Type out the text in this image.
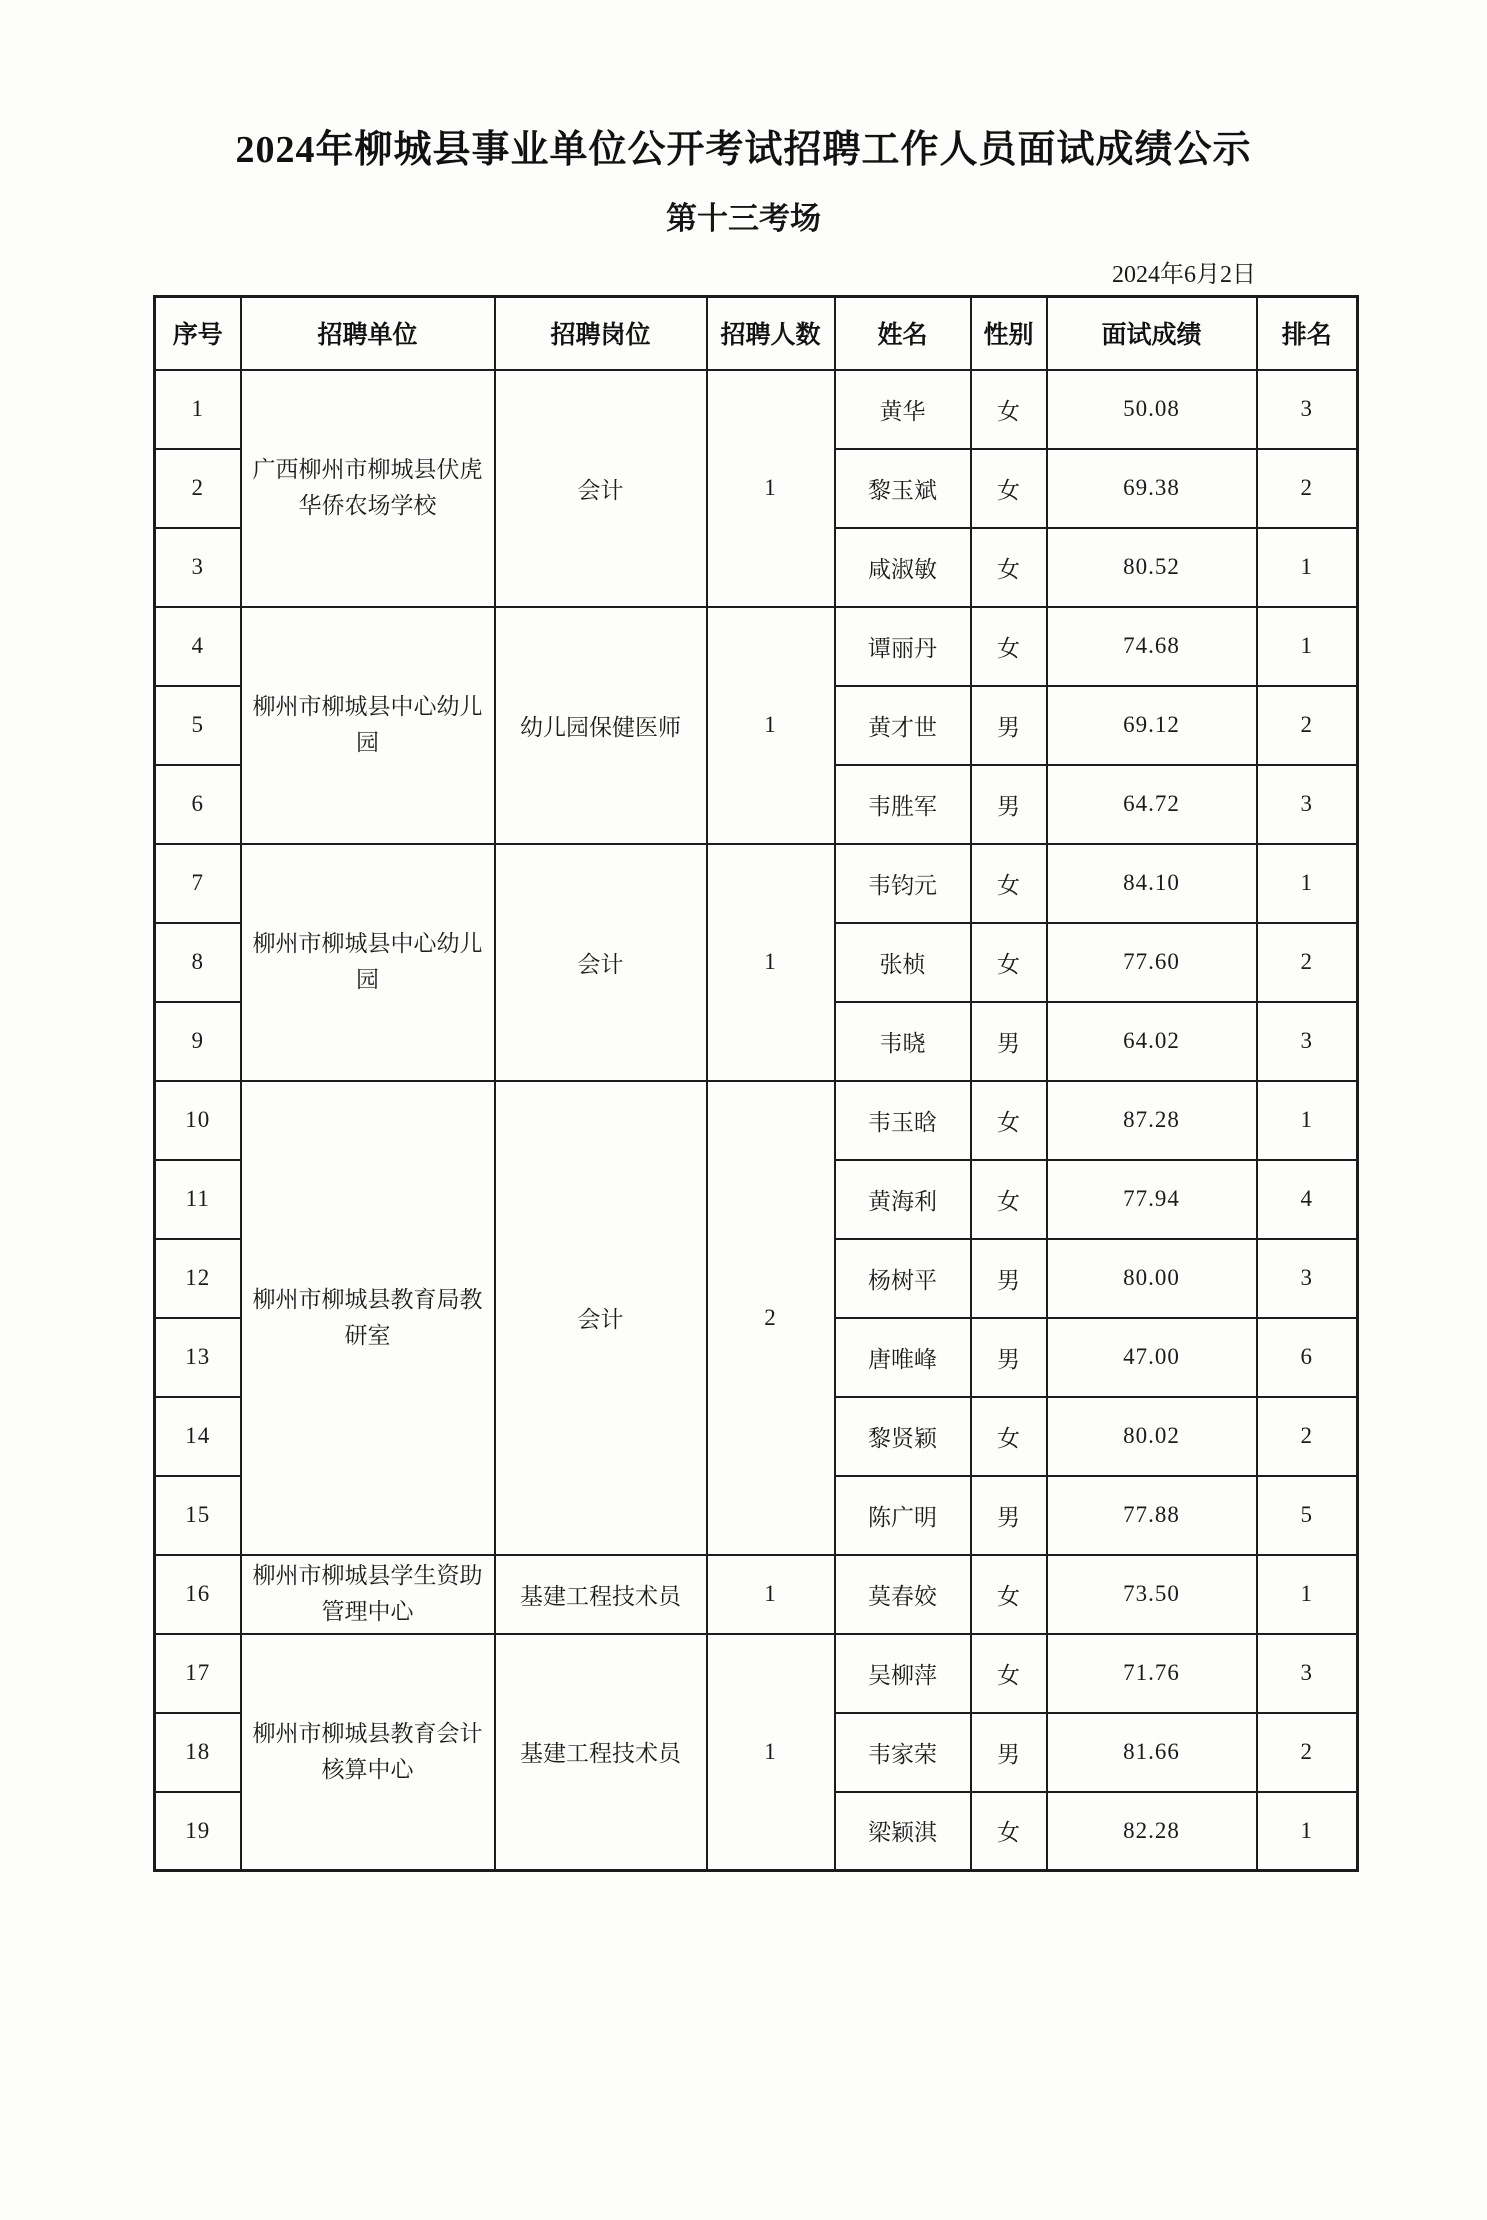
2024年柳城县事业单位公开考试招聘工作人员面试成绩公示
第十三考场
2024年6月2日
序号	招聘单位	招聘岗位	招聘人数	姓名	性别	面试成绩	排名
1	广西柳州市柳城县伏虎华侨农场学校	会计	1	黄华	女	50.08	3
2				黎玉斌	女	69.38	2
3				咸淑敏	女	80.52	1
4	柳州市柳城县中心幼儿园	幼儿园保健医师	1	谭丽丹	女	74.68	1
5				黄才世	男	69.12	2
6				韦胜军	男	64.72	3
7	柳州市柳城县中心幼儿园	会计	1	韦钧元	女	84.10	1
8				张桢	女	77.60	2
9				韦晓	男	64.02	3
10	柳州市柳城县教育局教研室	会计	2	韦玉晗	女	87.28	1
11				黄海利	女	77.94	4
12				杨树平	男	80.00	3
13				唐唯峰	男	47.00	6
14				黎贤颖	女	80.02	2
15				陈广明	男	77.88	5
16	柳州市柳城县学生资助管理中心	基建工程技术员	1	莫春姣	女	73.50	1
17	柳州市柳城县教育会计核算中心	基建工程技术员	1	吴柳萍	女	71.76	3
18				韦家荣	男	81.66	2
19				梁颖淇	女	82.28	1
